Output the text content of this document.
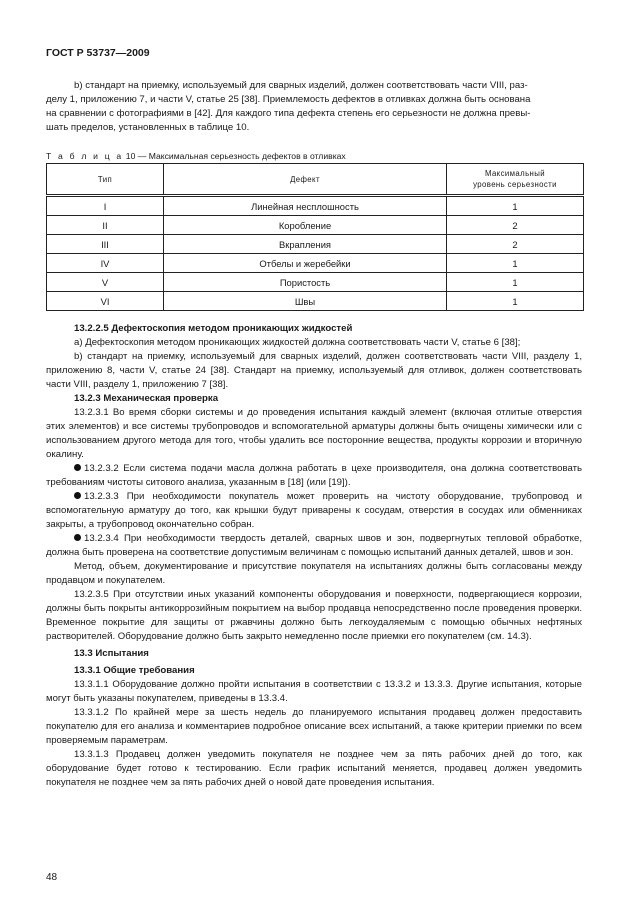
ГОСТ Р 53737—2009

b) стандарт на приемку, используемый для сварных изделий, должен соответствовать части VIII, раз-

делу 1, приложению 7, и части V, статье 25 [38]. Приемлемость дефектов в отливках должна быть основана

на сравнении с фотографиями в [42]. Для каждого типа дефекта степень его серьезности не должна превы-

шать пределов, установленных в таблице 10.

Т а б л и ц а 10 — Максимальная серьезность дефектов в отливках
Тип	Дефект	Максимальный
уровень серьезности
I	Линейная несплошность	1
II	Коробление	2
III	Вкрапления	2
IV	Отбелы и жеребейки	1
V	Пористость	1
VI	Швы	1

13.2.2.5 Дефектоскопия методом проникающих жидкостей

а) Дефектоскопия методом проникающих жидкостей должна соответствовать части V, статье 6 [38];

b) стандарт на приемку, используемый для сварных изделий, должен соответствовать части VIII, разделу 1, приложению 8, части V, статье 24 [38]. Стандарт на приемку, используемый для отливок, должен соответствовать части VIII, разделу 1, приложению 7 [38].

13.2.3 Механическая проверка

13.2.3.1 Во время сборки системы и до проведения испытания каждый элемент (включая отлитые отверстия этих элементов) и все системы трубопроводов и вспомогательной арматуры должны быть очищены химически или с использованием другого метода для того, чтобы удалить все посторонние вещества, продукты коррозии и вторичную окалину.

13.2.3.2 Если система подачи масла должна работать в цехе производителя, она должна соответствовать требованиям чистоты ситового анализа, указанным в [18] (или [19]).

13.2.3.3 При необходимости покупатель может проверить на чистоту оборудование, трубопровод и вспомогательную арматуру до того, как крышки будут приварены к сосудам, отверстия в сосудах или обменниках закрыты, а трубопровод окончательно собран.

13.2.3.4 При необходимости твердость деталей, сварных швов и зон, подвергнутых тепловой обработке, должна быть проверена на соответствие допустимым величинам с помощью испытаний данных деталей, швов и зон.

Метод, объем, документирование и присутствие покупателя на испытаниях должны быть согласованы между продавцом и покупателем.

13.2.3.5 При отсутствии иных указаний компоненты оборудования и поверхности, подвергающиеся коррозии, должны быть покрыты антикоррозийным покрытием на выбор продавца непосредственно после проведения проверки. Временное покрытие для защиты от ржавчины должно быть легкоудаляемым с помощью обычных нефтяных растворителей. Оборудование должно быть закрыто немедленно после приемки его покупателем (см. 14.3).

13.3 Испытания

13.3.1 Общие требования

13.3.1.1 Оборудование должно пройти испытания в соответствии с 13.3.2 и 13.3.3. Другие испытания, которые могут быть указаны покупателем, приведены в 13.3.4.

13.3.1.2 По крайней мере за шесть недель до планируемого испытания продавец должен предоставить покупателю для его анализа и комментариев подробное описание всех испытаний, а также критерии приемки по всем проверяемым параметрам.

13.3.1.3 Продавец должен уведомить покупателя не позднее чем за пять рабочих дней до того, как оборудование будет готово к тестированию. Если график испытаний меняется, продавец должен уведомить покупателя не позднее чем за пять рабочих дней о новой дате проведения испытания.

48
